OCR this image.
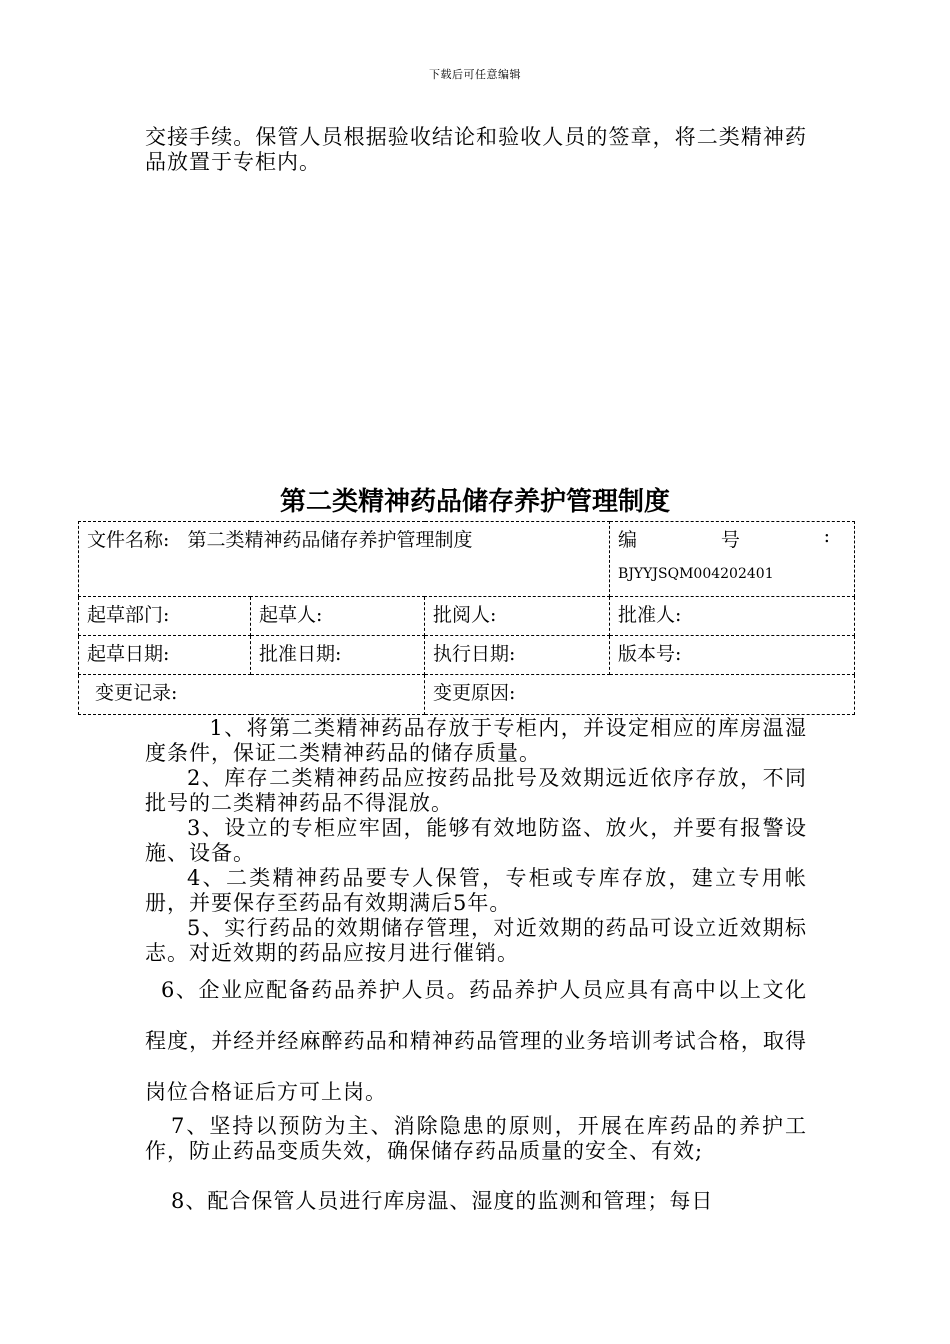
下载后可任意编辑

交接手续。保管人员根据验收结论和验收人员的签章，将二类精神药品放置于专柜内。

第二类精神药品储存养护管理制度
文件名称: 第二类精神药品储存养护管理制度			编 号 :
BJYYJSQM004202401

起草部门:	起草人:	批阅人:	批准人:
起草日期:	批准日期:	执行日期:	版本号:
变更记录:		变更原因:	

　1、将第二类精神药品存放于专柜内，并设定相应的库房温湿度条件，保证二类精神药品的储存质量。

2、库存二类精神药品应按药品批号及效期远近依序存放，不同批号的二类精神药品不得混放。

3、设立的专柜应牢固，能够有效地防盗、放火，并要有报警设施、设备。

4、二类精神药品要专人保管，专柜或专库存放，建立专用帐册，并要保存至药品有效期满后5年。

5、实行药品的效期储存管理，对近效期的药品可设立近效期标志。对近效期的药品应按月进行催销。

6、企业应配备药品养护人员。药品养护人员应具有高中以上文化程度，并经并经麻醉药品和精神药品管理的业务培训考试合格，取得岗位合格证后方可上岗。

7、坚持以预防为主、消除隐患的原则，开展在库药品的养护工作，防止药品变质失效，确保储存药品质量的安全、有效;

8、配合保管人员进行库房温、湿度的监测和管理；每日
